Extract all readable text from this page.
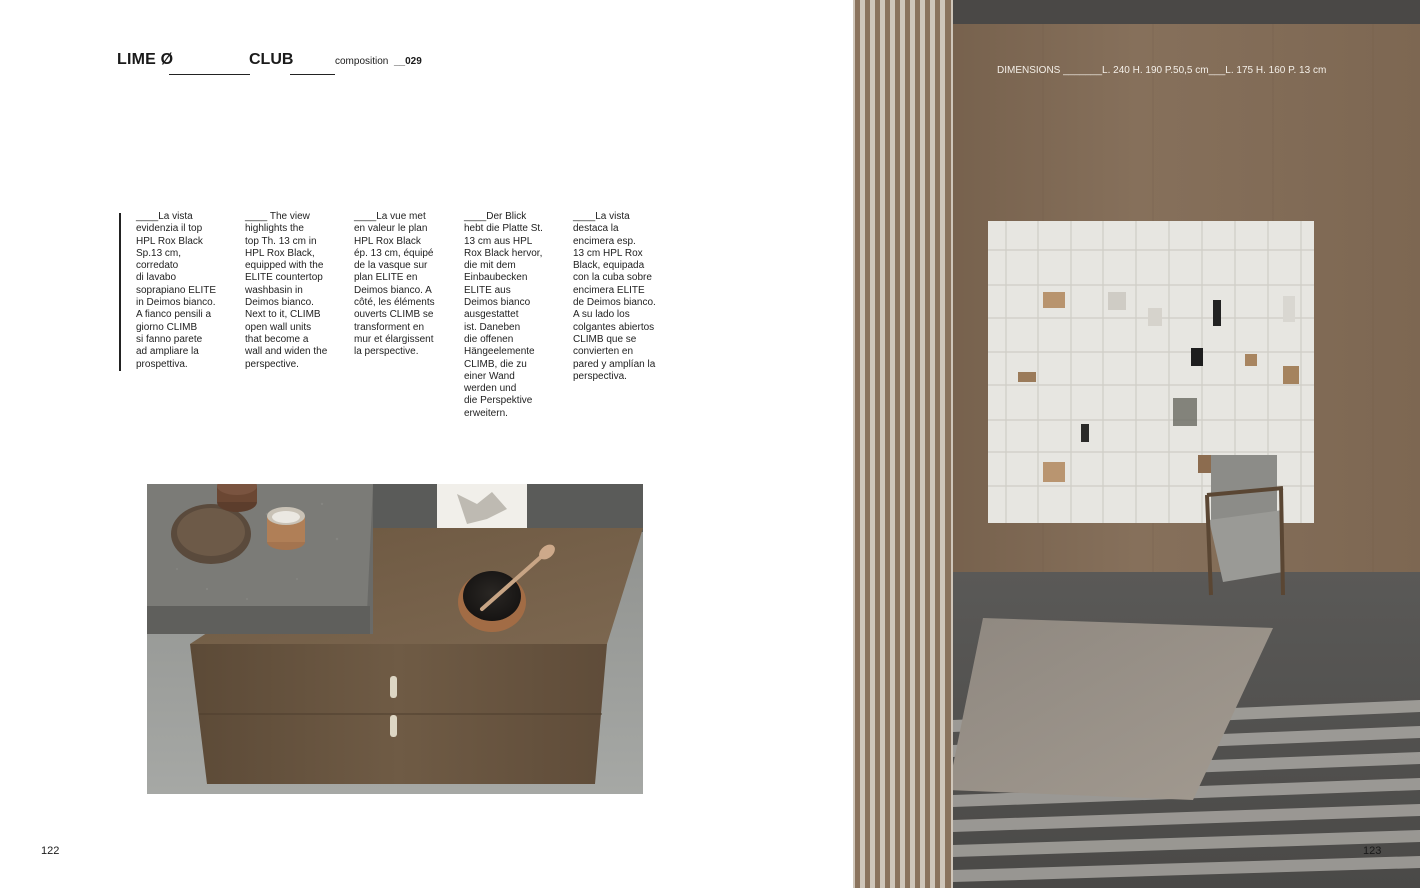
LIME Ø	CLUB	composition __029
____La vista
evidenzia il top
HPL Rox Black
Sp.13 cm,
corredato
di lavabo
soprapiano ELITE
in Deimos bianco.
A fianco pensili a
giorno CLIMB
si fanno parete
ad ampliare la
prospettiva.
____ The view
highlights the
top Th. 13 cm in
HPL Rox Black,
equipped with the
ELITE countertop
washbasin in
Deimos bianco.
Next to it, CLIMB
open wall units
that become a
wall and widen the
perspective.
____La vue met
en valeur le plan
HPL Rox Black
ép. 13 cm, équipé
de la vasque sur
plan ELITE en
Deimos bianco. A
côté, les éléments
ouverts CLIMB se
transforment en
mur et élargissent
la perspective.
____Der Blick
hebt die Platte St.
13 cm aus HPL
Rox Black hervor,
die mit dem
Einbaubecken
ELITE aus
Deimos bianco
ausgestattet
ist. Daneben
die offenen
Hängeelemente
CLIMB, die zu
einer Wand
werden und
die Perspektive
erweitern.
____La vista
destaca la
encimera esp.
13 cm HPL Rox
Black, equipada
con la cuba sobre
encimera ELITE
de Deimos bianco.
A su lado los
colgantes abiertos
CLIMB que se
convierten en
pared y amplían la
perspectiva.
122
DIMENSIONS _______L. 240 H. 190 P.50,5 cm___L. 175 H. 160 P. 13 cm
123
